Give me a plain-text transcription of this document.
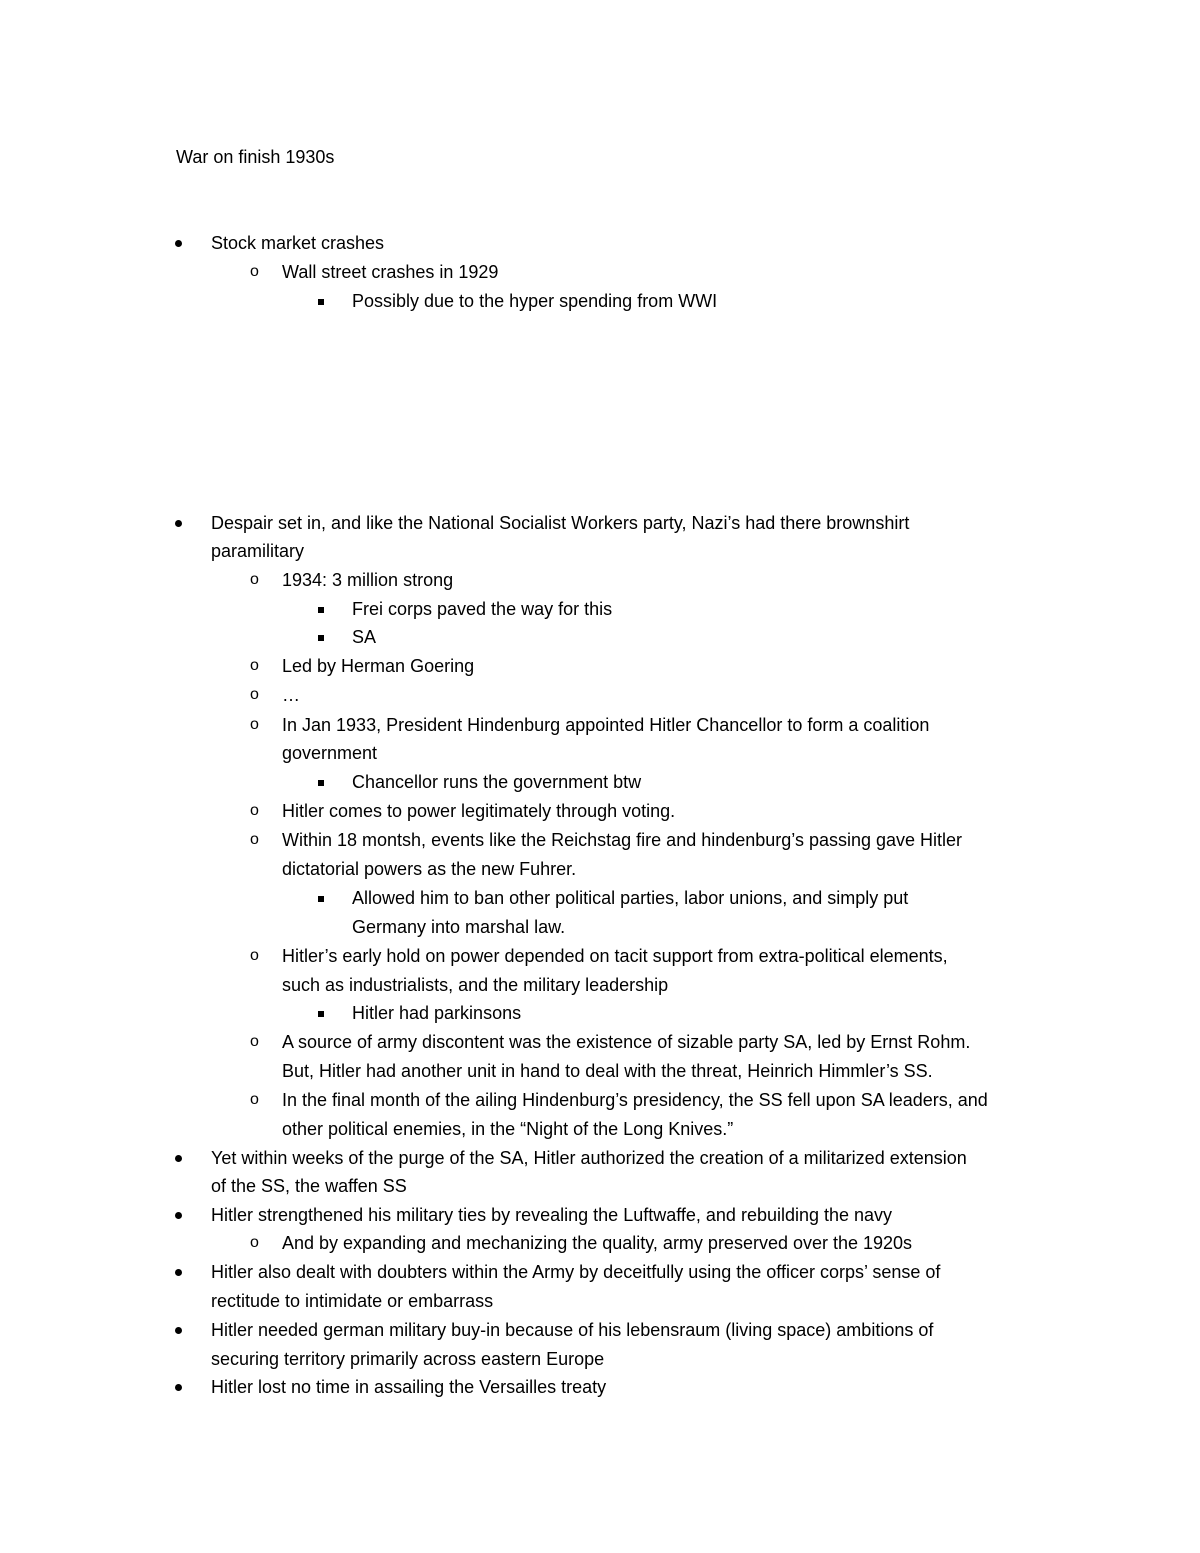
War on finish 1930s
Stock market crashes
Wall street crashes in 1929
o
Possibly due to the hyper spending from WWI
Despair set in, and like the National Socialist Workers party, Nazi’s had there brownshirt
paramilitary
1934: 3 million strong
o
Frei corps paved the way for this
SA
Led by Herman Goering
o
…
o
In Jan 1933, President Hindenburg appointed Hitler Chancellor to form a coalition
o
government
Chancellor runs the government btw
Hitler comes to power legitimately through voting.
o
Within 18 montsh, events like the Reichstag fire and hindenburg’s passing gave Hitler
o
dictatorial powers as the new Fuhrer.
Allowed him to ban other political parties, labor unions, and simply put
Germany into marshal law.
Hitler’s early hold on power depended on tacit support from extra-political elements,
o
such as industrialists, and the military leadership
Hitler had parkinsons
A source of army discontent was the existence of sizable party SA, led by Ernst Rohm.
o
But, Hitler had another unit in hand to deal with the threat, Heinrich Himmler’s SS.
In the final month of the ailing Hindenburg’s presidency, the SS fell upon SA leaders, and
o
other political enemies, in the “Night of the Long Knives.”
Yet within weeks of the purge of the SA, Hitler authorized the creation of a militarized extension
of the SS, the waffen SS
Hitler strengthened his military ties by revealing the Luftwaffe, and rebuilding the navy
And by expanding and mechanizing the quality, army preserved over the 1920s
o
Hitler also dealt with doubters within the Army by deceitfully using the officer corps’ sense of
rectitude to intimidate or embarrass
Hitler needed german military buy-in because of his lebensraum (living space) ambitions of
securing territory primarily across eastern Europe
Hitler lost no time in assailing the Versailles treaty
